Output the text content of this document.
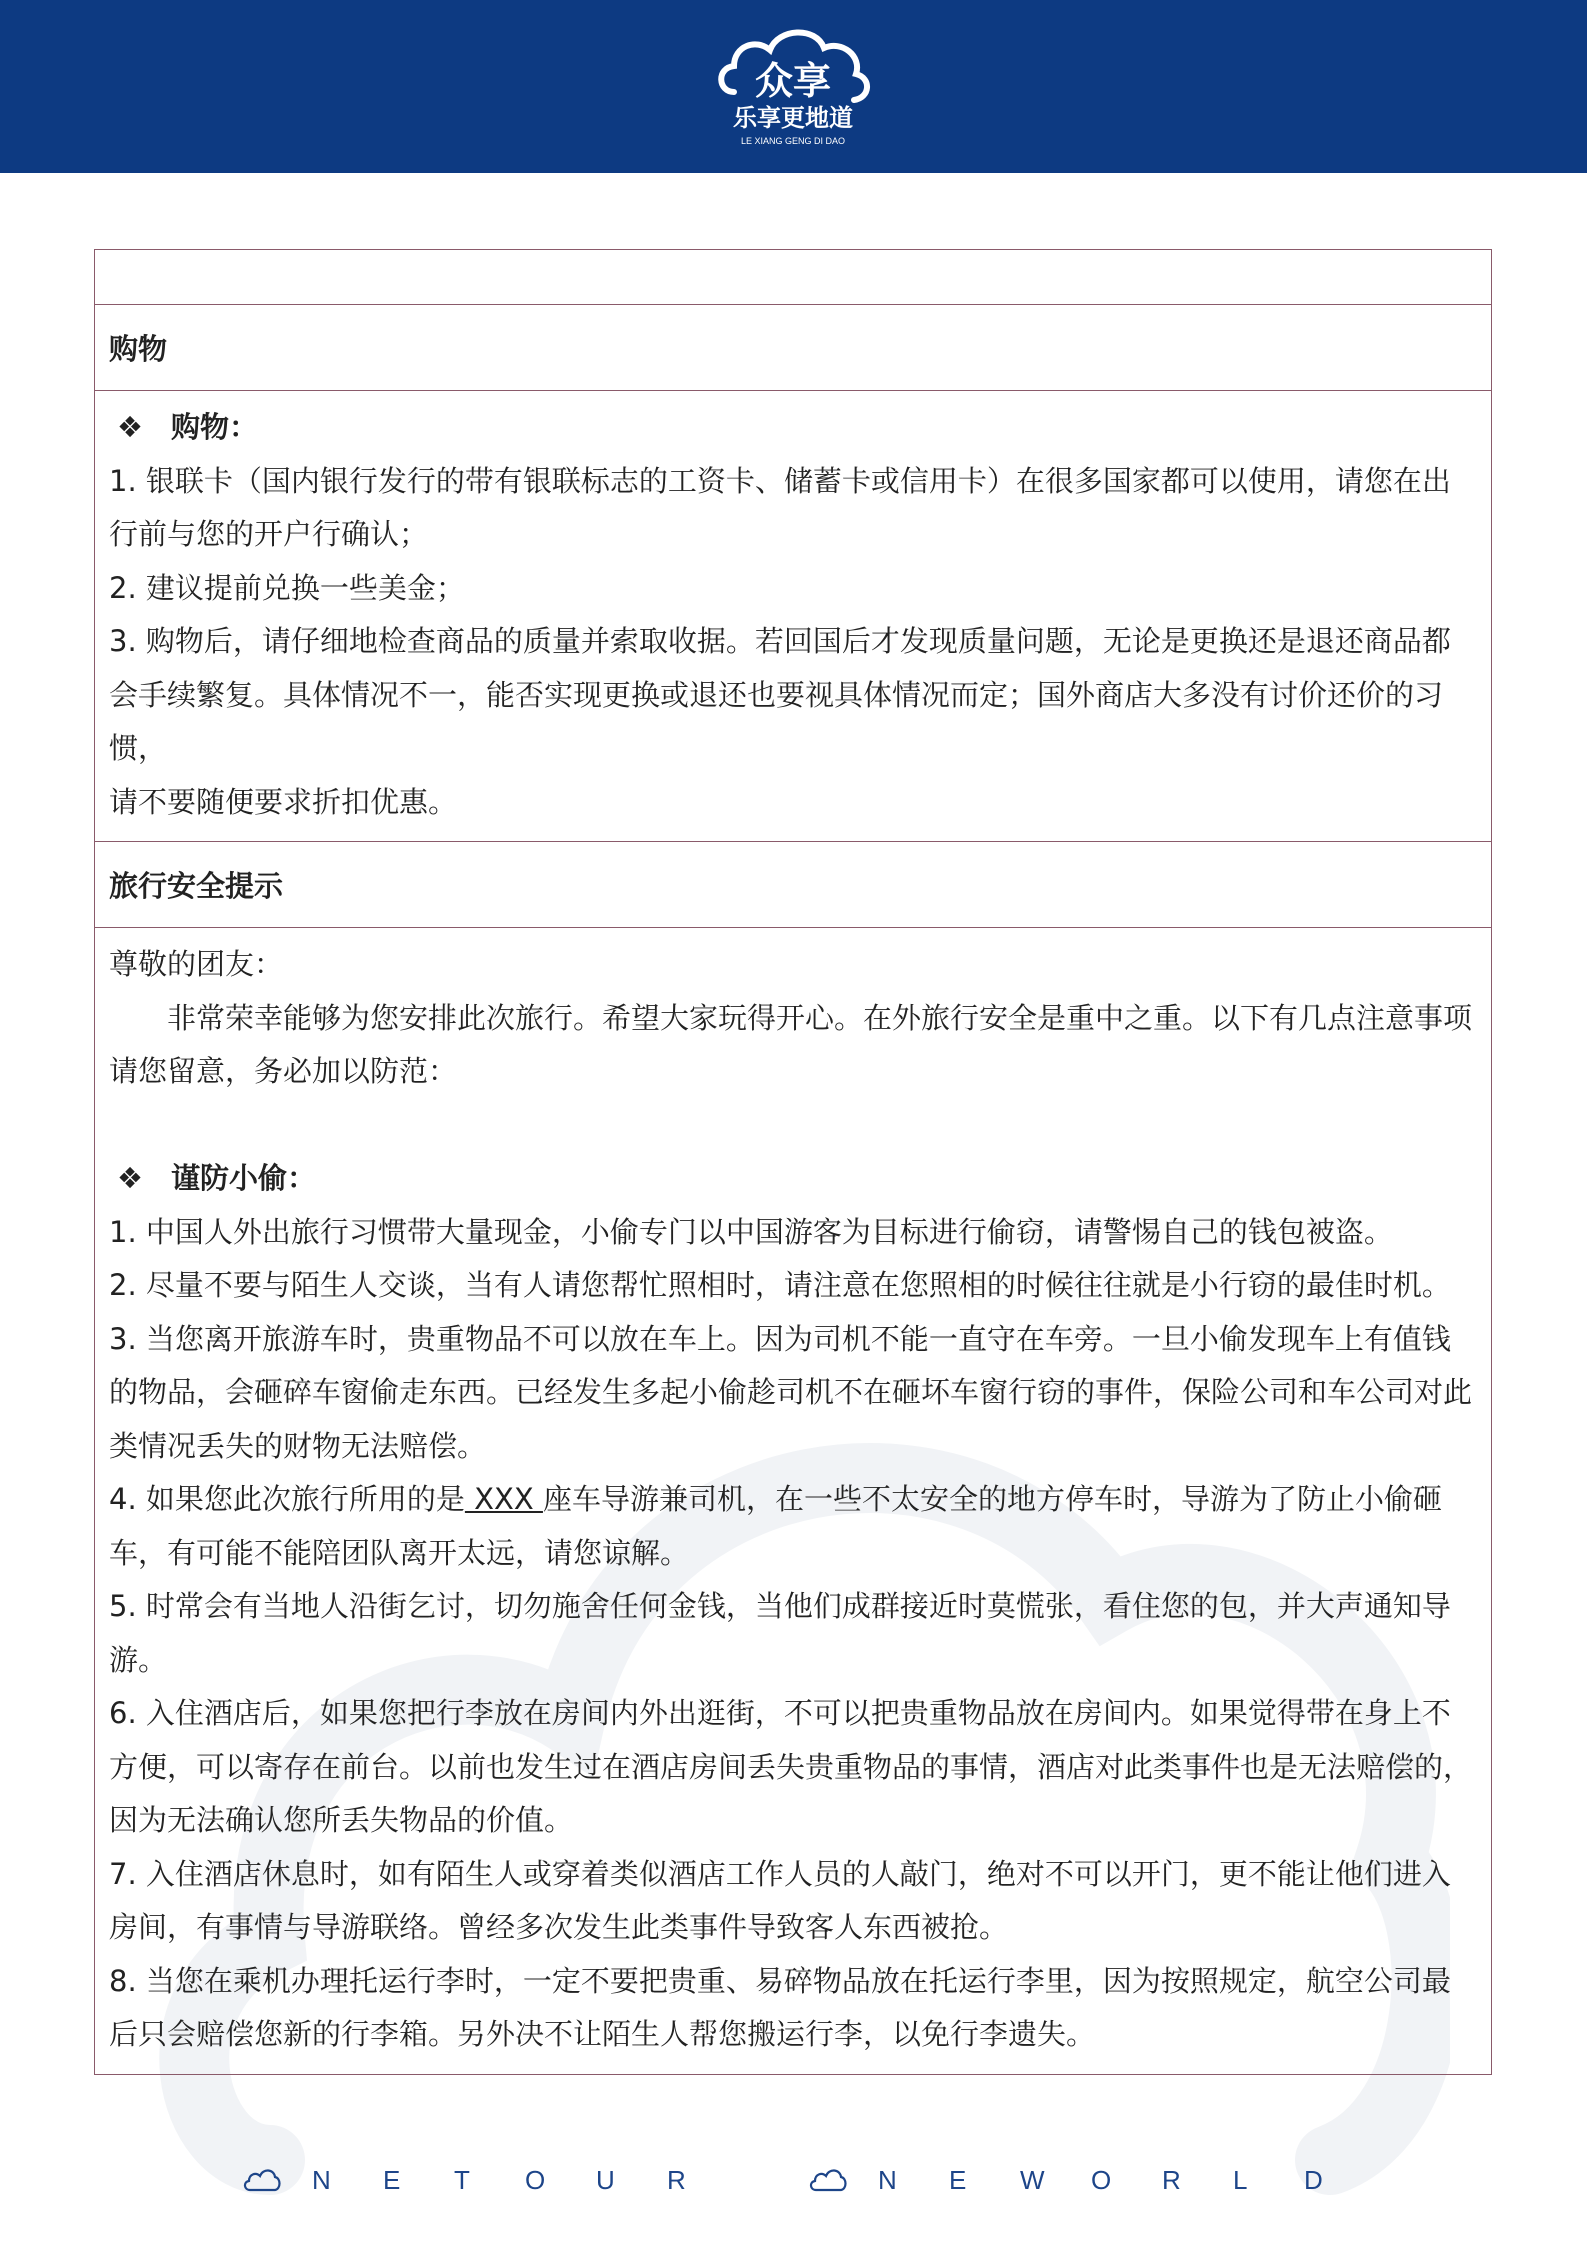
众享
乐享更地道
LE XIANG GENG DI DAO
购物

❖ 购物：

1. 银联卡（国内银行发行的带有银联标志的工资卡、储蓄卡或信用卡）在很多国家都可以使用，请您在出

行前与您的开户行确认；

2. 建议提前兑换一些美金；

3. 购物后，请仔细地检查商品的质量并索取收据。若回国后才发现质量问题，无论是更换还是退还商品都

会手续繁复。具体情况不一，能否实现更换或退还也要视具体情况而定；国外商店大多没有讨价还价的习惯，

请不要随便要求折扣优惠。

旅行安全提示

尊敬的团友：

非常荣幸能够为您安排此次旅行。希望大家玩得开心。在外旅行安全是重中之重。以下有几点注意事项

请您留意，务必加以防范：

❖ 谨防小偷：

1. 中国人外出旅行习惯带大量现金，小偷专门以中国游客为目标进行偷窃，请警惕自己的钱包被盗。

2. 尽量不要与陌生人交谈，当有人请您帮忙照相时，请注意在您照相的时候往往就是小行窃的最佳时机。

3. 当您离开旅游车时，贵重物品不可以放在车上。因为司机不能一直守在车旁。一旦小偷发现车上有值钱

的物品，会砸碎车窗偷走东西。已经发生多起小偷趁司机不在砸坏车窗行窃的事件，保险公司和车公司对此

类情况丢失的财物无法赔偿。

4. 如果您此次旅行所用的是 XXX 座车导游兼司机，在一些不太安全的地方停车时，导游为了防止小偷砸

车，有可能不能陪团队离开太远，请您谅解。

5. 时常会有当地人沿街乞讨，切勿施舍任何金钱，当他们成群接近时莫慌张，看住您的包，并大声通知导

游。

6. 入住酒店后，如果您把行李放在房间内外出逛街，不可以把贵重物品放在房间内。如果觉得带在身上不

方便，可以寄存在前台。以前也发生过在酒店房间丢失贵重物品的事情，酒店对此类事件也是无法赔偿的，

因为无法确认您所丢失物品的价值。

7. 入住酒店休息时，如有陌生人或穿着类似酒店工作人员的人敲门，绝对不可以开门，更不能让他们进入

房间，有事情与导游联络。曾经多次发生此类事件导致客人东西被抢。

8. 当您在乘机办理托运行李时，一定不要把贵重、易碎物品放在托运行李里，因为按照规定，航空公司最

后只会赔偿您新的行李箱。另外决不让陌生人帮您搬运行李，以免行李遗失。

N	E	T	O	U	R	N	E	W	O	R	L	D
